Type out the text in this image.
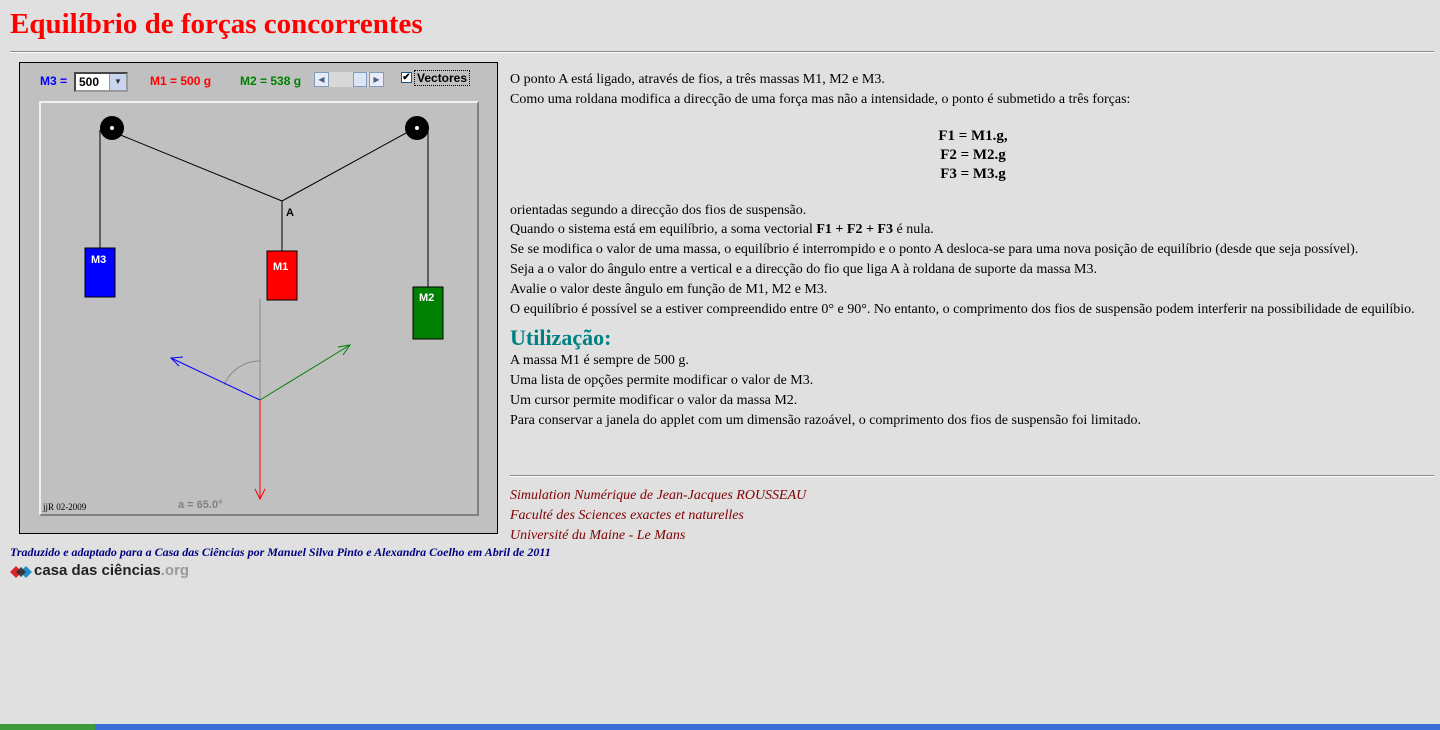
Equilíbrio de forças concorrentes
M3 = 500	▼	M1 = 500 g M2 = 538 g	◀	▶	✔ Vectores
A
M3
M1
M2
a = 65.0°
jjR 02-2009

O ponto A está ligado, através de fios, a três massas M1, M2 e M3.

Como uma roldana modifica a direcção de uma força mas não a intensidade, o ponto é submetido a três forças:

F1 = M1.g,
F2 = M2.g
F3 = M3.g

orientadas segundo a direcção dos fios de suspensão.

Quando o sistema está em equilíbrio, a soma vectorial F1 + F2 + F3 é nula.

Se se modifica o valor de uma massa, o equilíbrio é interrompido e o ponto A desloca-se para uma nova posição de equilíbrio (desde que seja possível).

Seja a o valor do ângulo entre a vertical e a direcção do fio que liga A à roldana de suporte da massa M3.

Avalie o valor deste ângulo em função de M1, M2 e M3.

O equilíbrio é possível se a estiver compreendido entre 0° e 90°. No entanto, o comprimento dos fios de suspensão podem interferir na possibilidade de equilíbio.

Utilização:

A massa M1 é sempre de 500 g.

Uma lista de opções permite modificar o valor de M3.

Um cursor permite modificar o valor da massa M2.

Para conservar a janela do applet com um dimensão razoável, o comprimento dos fios de suspensão foi limitado.

Simulation Numérique de Jean-Jacques ROUSSEAU
Faculté des Sciences exactes et naturelles
Université du Maine - Le Mans
Traduzido e adaptado para a Casa das Ciências por Manuel Silva Pinto e Alexandra Coelho em Abril de 2011
casa das ciências.org
